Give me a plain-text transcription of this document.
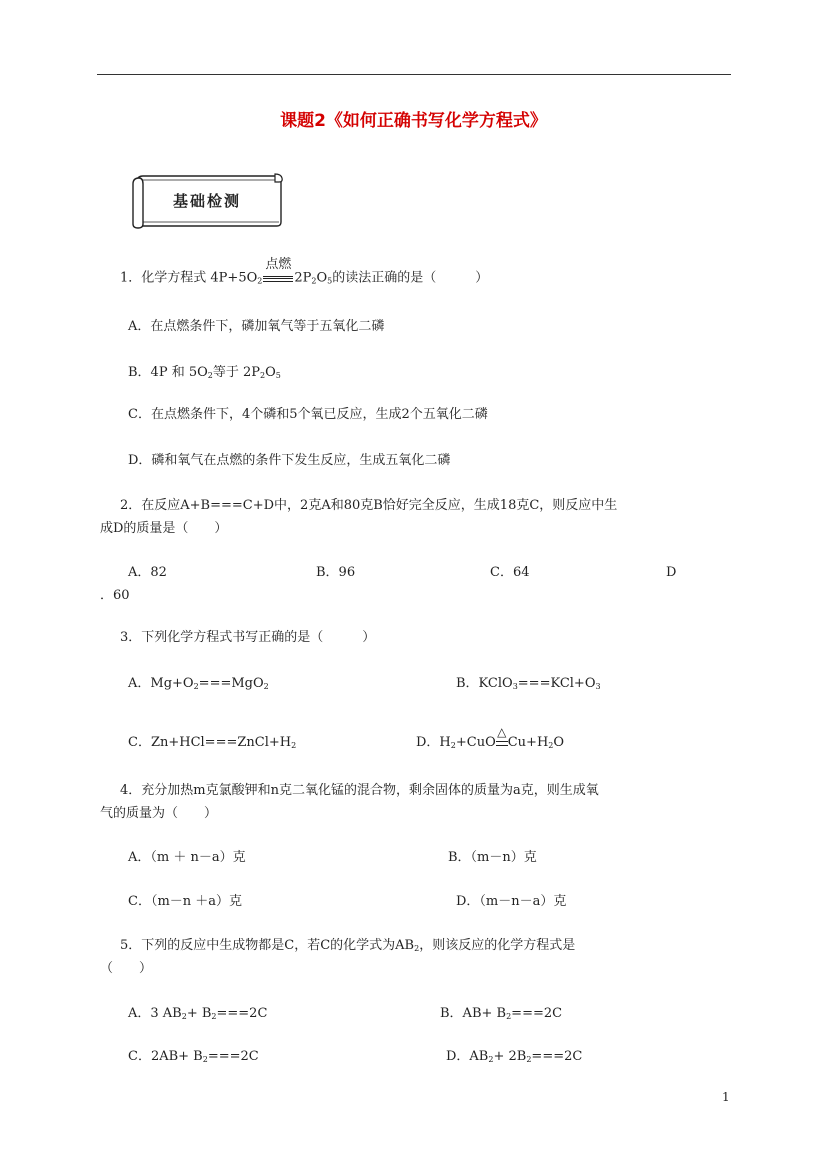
课题2《如何正确书写化学方程式》
基础检测
1．化学方程式 $4P+5O_2$
点燃
$2P_2O_5$的读法正确的是（　　　）
A．在点燃条件下，磷加氧气等于五氧化二磷
B．4P 和 $5O_2$等于 $2P_2O_5$
C．在点燃条件下，4个磷和5个氧已反应，生成2个五氧化二磷
D．磷和氧气在点燃的条件下发生反应，生成五氧化二磷
2．在反应A+B===C+D中，2克A和80克B恰好完全反应，生成18克C，则反应中生
成D的质量是（　　）
A．82	B．96	C．64	D
．60
3．下列化学方程式书写正确的是（　　　）
A．$Mg+O_2===MgO_2$	B．$KClO_3===KCl+O_3$
C．$Zn+HCl===ZnCl+H_2$	D．$H_2+CuO$
△
$Cu+H_2O$
4．充分加热m克氯酸钾和n克二氧化锰的混合物，剩余固体的质量为a克，则生成氧
气的质量为（　　）
A．（m ＋ n－a）克	B．（m－n）克
C．（m－n ＋a）克	D．（m－n－a）克
5．下列的反应中生成物都是C，若C的化学式为$AB_2$，则该反应的化学方程式是
（　　）
A．3 $AB_2+ B_2===2C$	B．$AB+ B_2===2C$
C．$2AB+ B_2===2C$	D．$AB_2+ 2B_2===2C$
1
